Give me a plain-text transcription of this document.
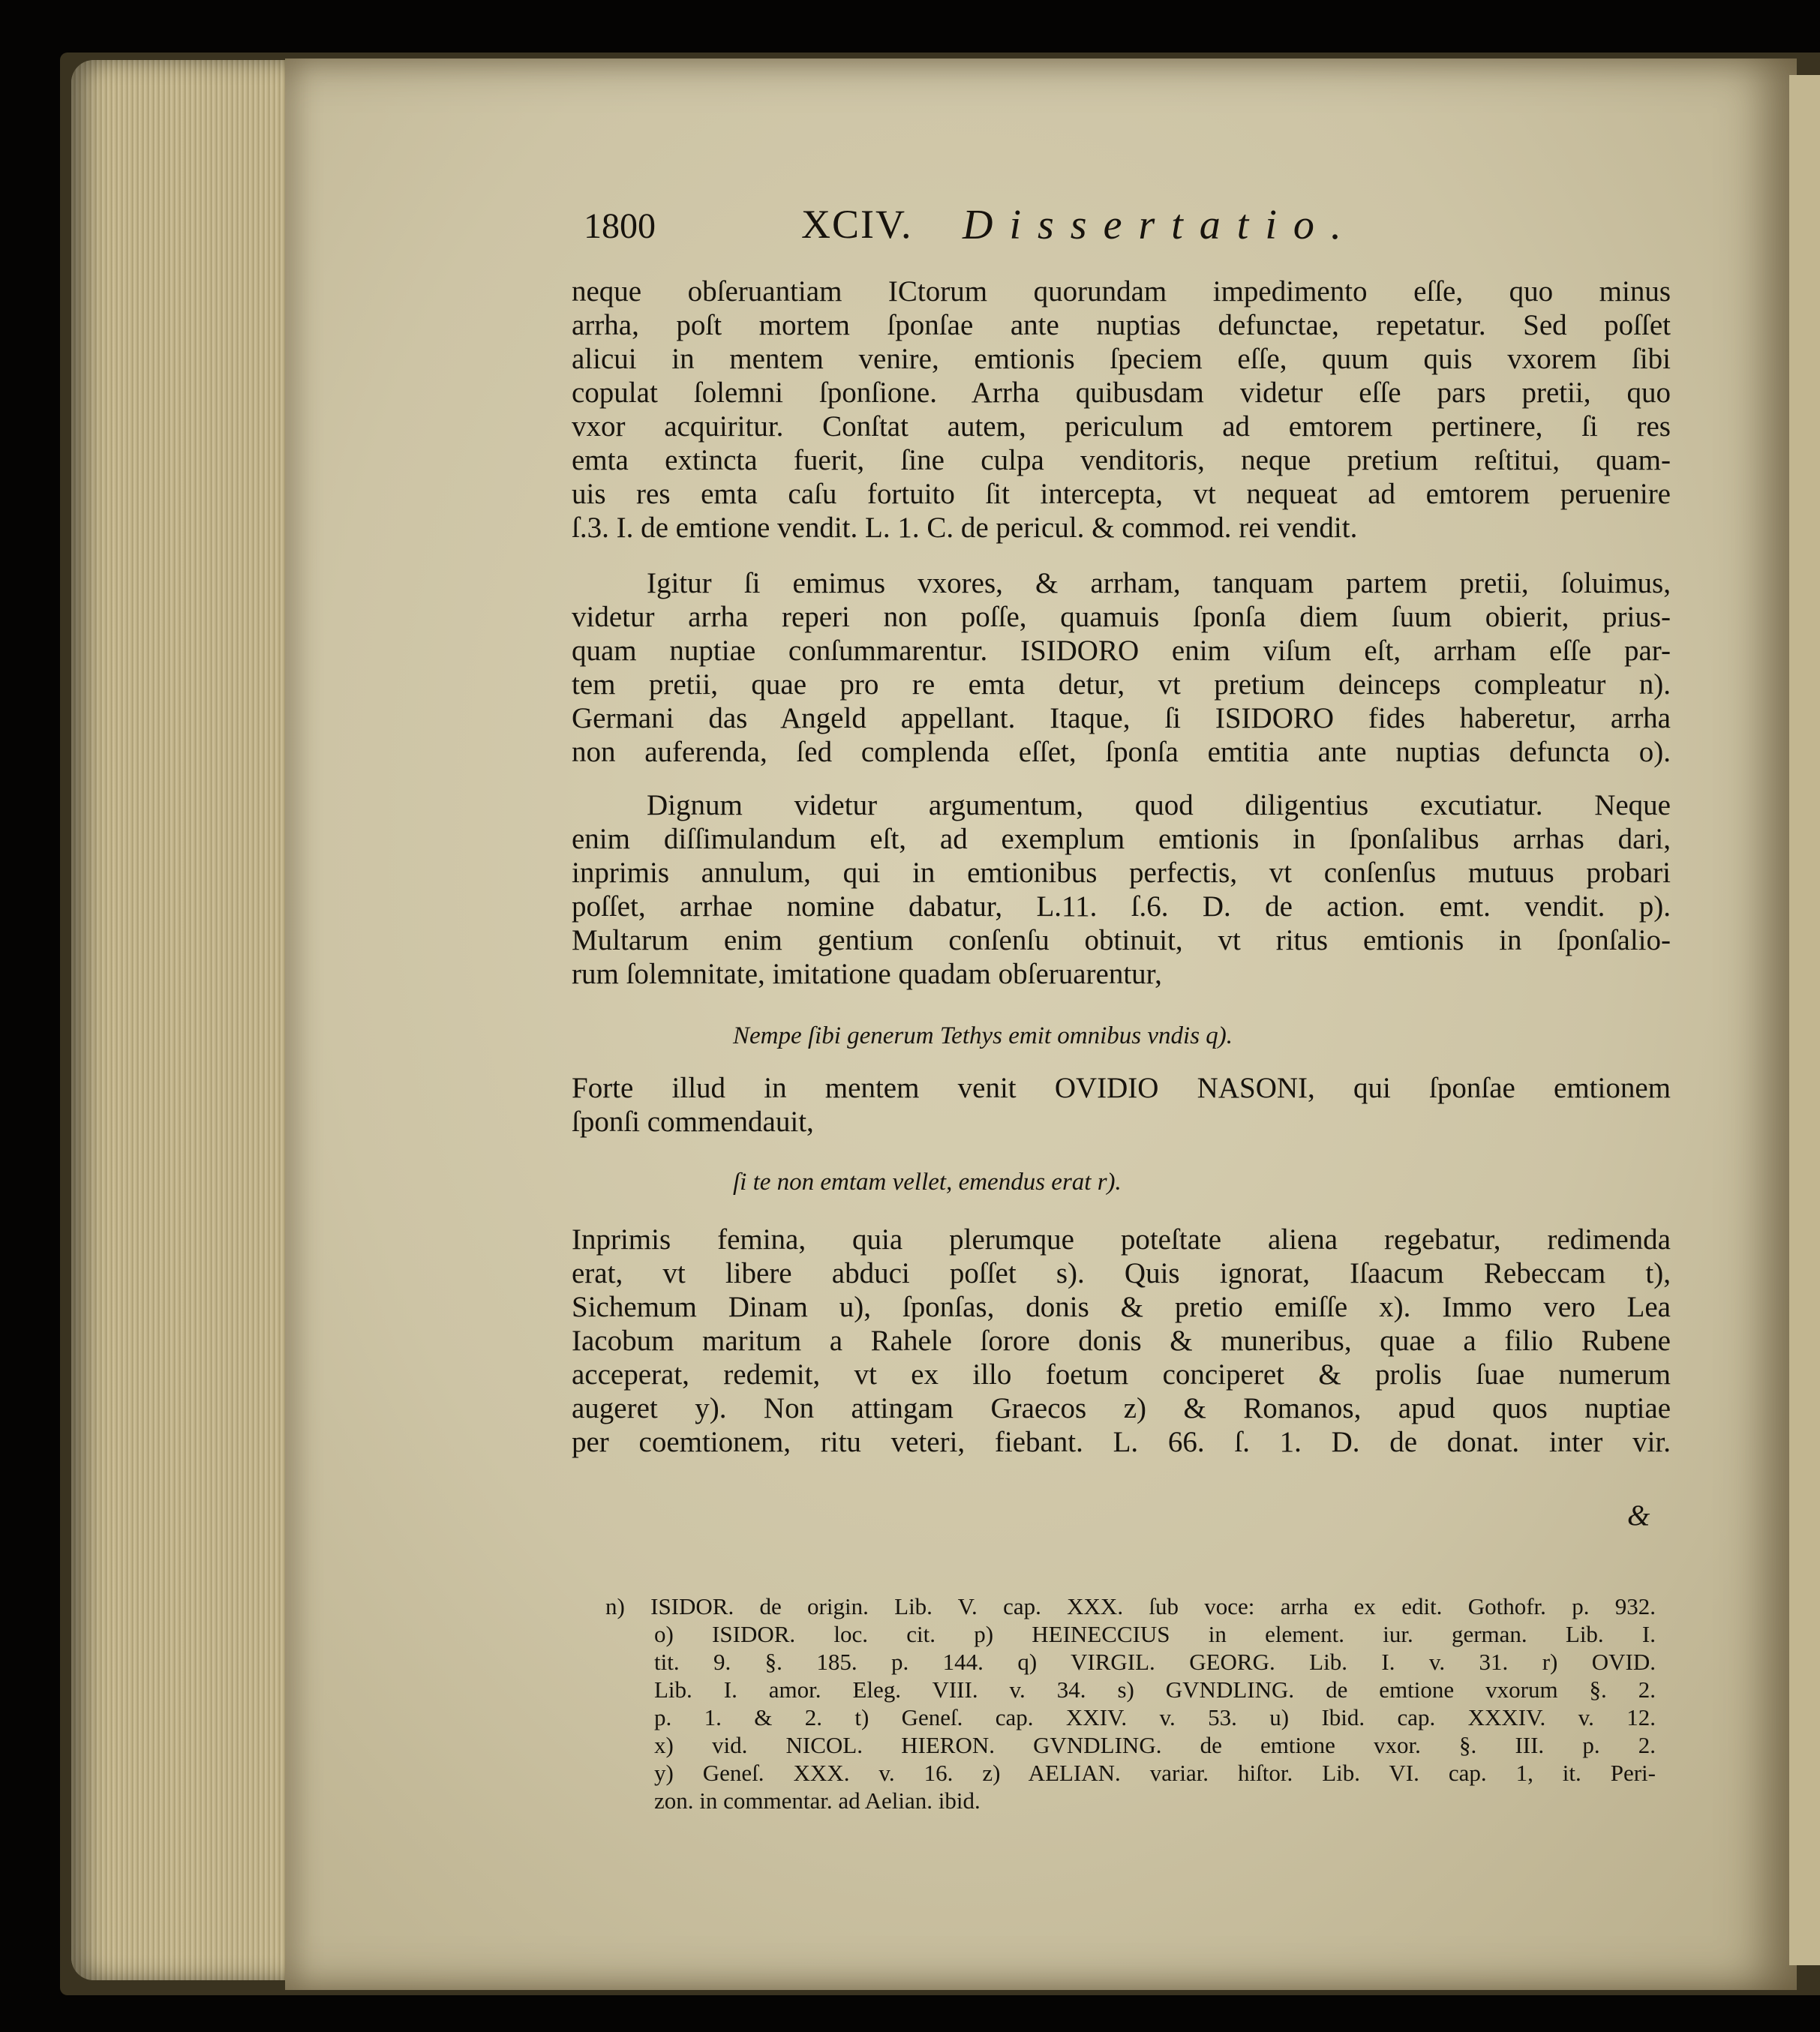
1800	XCIV. Dissertatio.
neque obſeruantiam ICtorum quorundam impedimento eſſe, quo minus
arrha, poſt mortem ſponſae ante nuptias defunctae, repetatur. Sed poſſet
alicui in mentem venire, emtionis ſpeciem eſſe, quum quis vxorem ſibi
copulat ſolemni ſponſione. Arrha quibusdam videtur eſſe pars pretii, quo
vxor acquiritur. Conſtat autem, periculum ad emtorem pertinere, ſi res
emta extincta fuerit, ſine culpa venditoris, neque pretium reſtitui, quam-
uis res emta caſu fortuito ſit intercepta, vt nequeat ad emtorem peruenire
ſ.3. I. de emtione vendit. L. 1. C. de pericul. & commod. rei vendit.
Igitur ſi emimus vxores, & arrham, tanquam partem pretii, ſoluimus,
videtur arrha reperi non poſſe, quamuis ſponſa diem ſuum obierit, prius-
quam nuptiae conſummarentur. ISIDORO enim viſum eſt, arrham eſſe par-
tem pretii, quae pro re emta detur, vt pretium deinceps compleatur n).
Germani das Angeld appellant. Itaque, ſi ISIDORO fides haberetur, arrha
non auferenda, ſed complenda eſſet, ſponſa emtitia ante nuptias defuncta o).
Dignum videtur argumentum, quod diligentius excutiatur. Neque
enim diſſimulandum eſt, ad exemplum emtionis in ſponſalibus arrhas dari,
inprimis annulum, qui in emtionibus perfectis, vt conſenſus mutuus probari
poſſet, arrhae nomine dabatur, L.11. ſ.6. D. de action. emt. vendit. p).
Multarum enim gentium conſenſu obtinuit, vt ritus emtionis in ſponſalio-
rum ſolemnitate, imitatione quadam obſeruarentur,
Nempe ſibi generum Tethys emit omnibus vndis q).
Forte illud in mentem venit OVIDIO NASONI, qui ſponſae emtionem
ſponſi commendauit,
ſi te non emtam vellet, emendus erat r).
Inprimis femina, quia plerumque poteſtate aliena regebatur, redimenda
erat, vt libere abduci poſſet s). Quis ignorat, Iſaacum Rebeccam t),
Sichemum Dinam u), ſponſas, donis & pretio emiſſe x). Immo vero Lea
Iacobum maritum a Rahele ſorore donis & muneribus, quae a filio Rubene
acceperat, redemit, vt ex illo foetum conciperet & prolis ſuae numerum
augeret y). Non attingam Graecos z) & Romanos, apud quos nuptiae
per coemtionem, ritu veteri, fiebant. L. 66. ſ. 1. D. de donat. inter vir.
&
n) ISIDOR. de origin. Lib. V. cap. XXX. ſub voce: arrha ex edit. Gothofr. p. 932.
o) ISIDOR. loc. cit. p) HEINECCIUS in element. iur. german. Lib. I.
tit. 9. §. 185. p. 144. q) VIRGIL. GEORG. Lib. I. v. 31. r) OVID.
Lib. I. amor. Eleg. VIII. v. 34. s) GVNDLING. de emtione vxorum §. 2.
p. 1. & 2. t) Geneſ. cap. XXIV. v. 53. u) Ibid. cap. XXXIV. v. 12.
x) vid. NICOL. HIERON. GVNDLING. de emtione vxor. §. III. p. 2.
y) Geneſ. XXX. v. 16. z) AELIAN. variar. hiſtor. Lib. VI. cap. 1, it. Peri-
zon. in commentar. ad Aelian. ibid.
